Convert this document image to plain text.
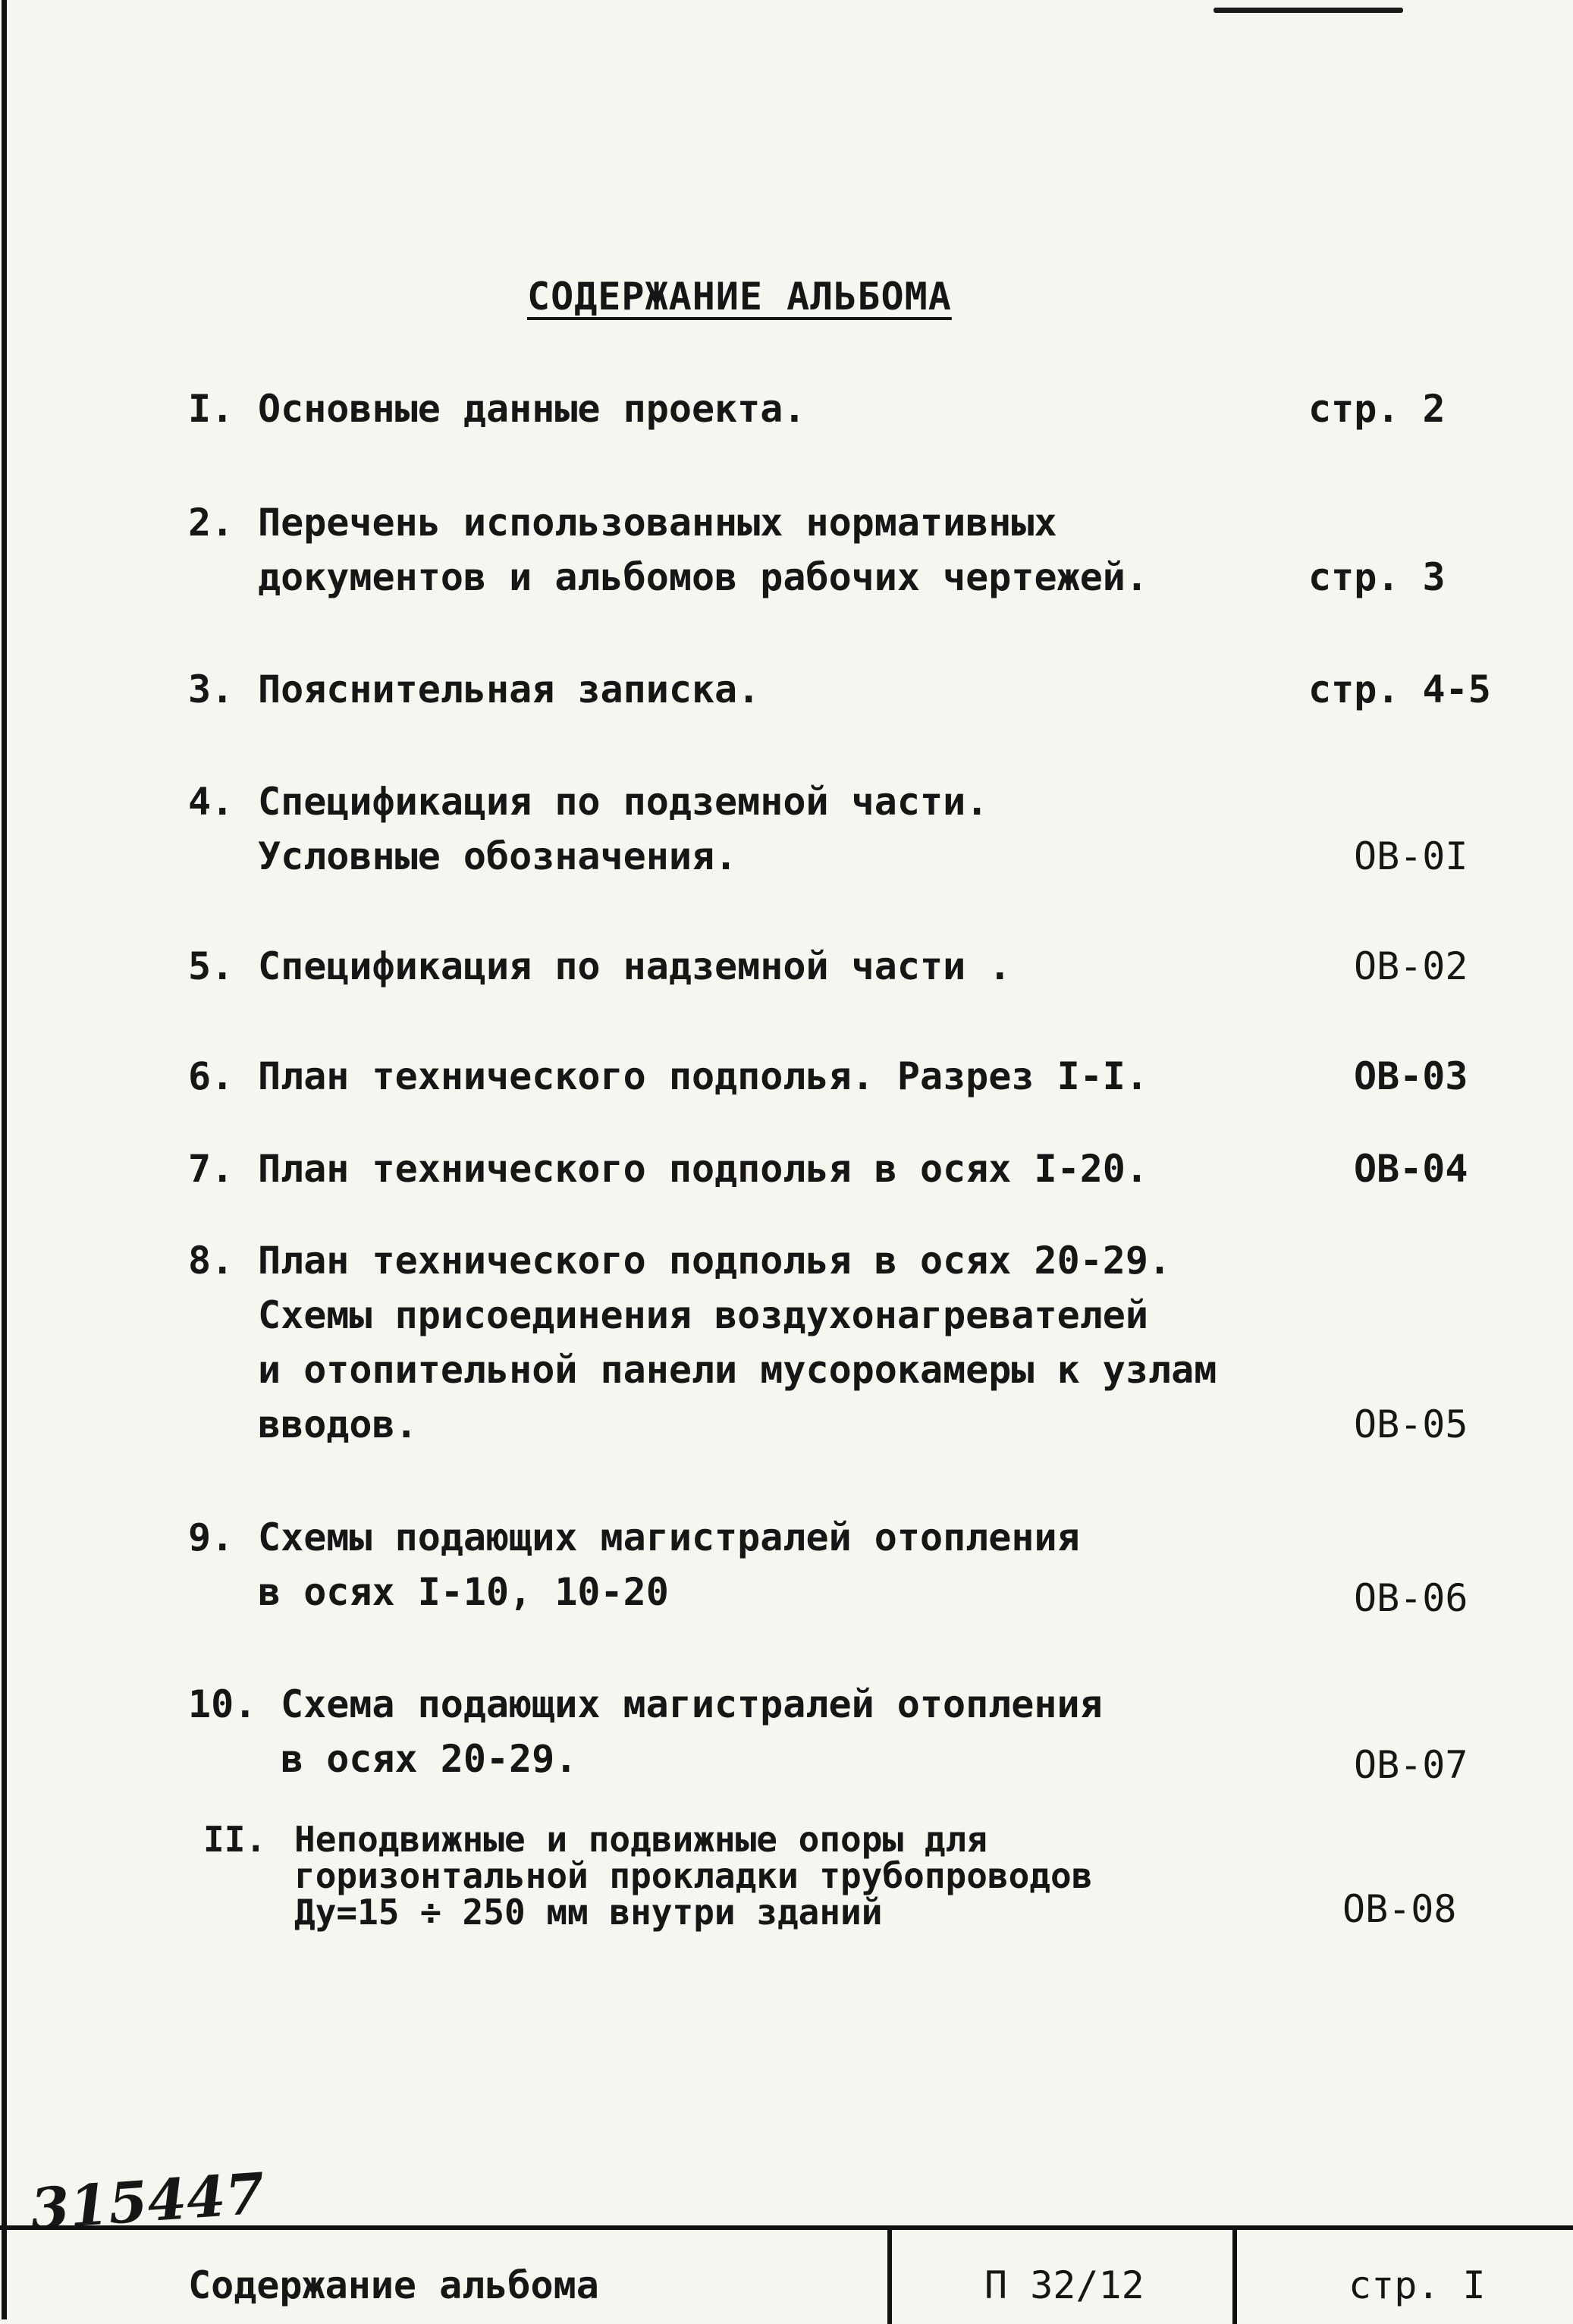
СОДЕРЖАНИЕ АЛЬБОМА
I. Основные данные проекта.	стр. 2
2. Перечень использованных нормативных
документов и альбомов рабочих чертежей.	стр. 3
3. Пояснительная записка.	стр. 4-5
4. Спецификация по подземной части.
Условные обозначения.	ОВ-0I
5. Спецификация по надземной части .	ОВ-02
6. План технического подполья. Разрез I-I.	ОВ-03
7. План технического подполья в осях I-20.	ОВ-04
8. План технического подполья в осях 20-29.
Схемы присоединения воздухонагревателей
и отопительной панели мусорокамеры к узлам
вводов.	ОВ-05
9. Схемы подающих магистралей отопления
в осях I-10, 10-20	ОВ-06
10. Схема подающих магистралей отопления
в осях 20-29.	ОВ-07
II. Неподвижные и подвижные опоры для
горизонтальной прокладки трубопроводов
Ду=15 ÷ 250 мм внутри зданий	ОВ-08
315447
Содержание альбома	П 32/12	стр. I
